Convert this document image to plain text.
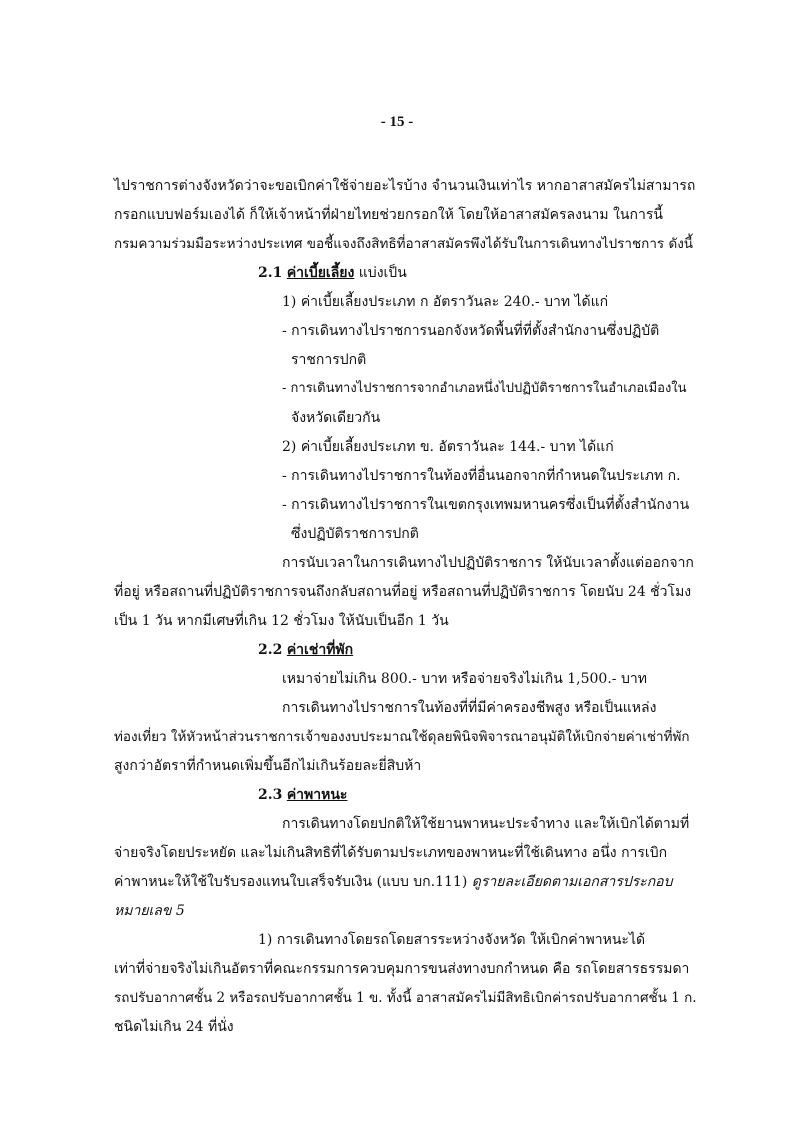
- 15 -
ไปราชการต่างจังหวัดว่าจะขอเบิกค่าใช้จ่ายอะไรบ้าง จำนวนเงินเท่าไร หากอาสาสมัครไม่สามารถ
กรอกแบบฟอร์มเองได้ ก็ให้เจ้าหน้าที่ฝ่ายไทยช่วยกรอกให้ โดยให้อาสาสมัครลงนาม ในการนี้
กรมความร่วมมือระหว่างประเทศ ขอชี้แจงถึงสิทธิที่อาสาสมัครพึงได้รับในการเดินทางไปราชการ ดังนี้
2.1 ค่าเบี้ยเลี้ยง แบ่งเป็น
1) ค่าเบี้ยเลี้ยงประเภท ก อัตราวันละ 240.- บาท ได้แก่
- การเดินทางไปราชการนอกจังหวัดพื้นที่ที่ตั้งสำนักงานซึ่งปฏิบัติ
ราชการปกติ
- การเดินทางไปราชการจากอำเภอหนึ่งไปปฏิบัติราชการในอำเภอเมืองใน
จังหวัดเดียวกัน
2) ค่าเบี้ยเลี้ยงประเภท ข. อัตราวันละ 144.- บาท ได้แก่
- การเดินทางไปราชการในท้องที่อื่นนอกจากที่กำหนดในประเภท ก.
- การเดินทางไปราชการในเขตกรุงเทพมหานครซึ่งเป็นที่ตั้งสำนักงาน
ซึ่งปฏิบัติราชการปกติ
การนับเวลาในการเดินทางไปปฏิบัติราชการ ให้นับเวลาตั้งแต่ออกจาก
ที่อยู่ หรือสถานที่ปฏิบัติราชการจนถึงกลับสถานที่อยู่ หรือสถานที่ปฏิบัติราชการ โดยนับ 24 ชั่วโมง
เป็น 1 วัน หากมีเศษที่เกิน 12 ชั่วโมง ให้นับเป็นอีก 1 วัน
2.2 ค่าเช่าที่พัก
เหมาจ่ายไม่เกิน 800.- บาท หรือจ่ายจริงไม่เกิน 1,500.- บาท
การเดินทางไปราชการในท้องที่ที่มีค่าครองชีพสูง หรือเป็นแหล่ง
ท่องเที่ยว ให้หัวหน้าส่วนราชการเจ้าของงบประมาณใช้ดุลยพินิจพิจารณาอนุมัติให้เบิกจ่ายค่าเช่าที่พัก
สูงกว่าอัตราที่กำหนดเพิ่มขึ้นอีกไม่เกินร้อยละยี่สิบห้า
2.3 ค่าพาหนะ
การเดินทางโดยปกติให้ใช้ยานพาหนะประจำทาง และให้เบิกได้ตามที่
จ่ายจริงโดยประหยัด และไม่เกินสิทธิที่ได้รับตามประเภทของพาหนะที่ใช้เดินทาง อนึ่ง การเบิก
ค่าพาหนะให้ใช้ใบรับรองแทนใบเสร็จรับเงิน (แบบ บก.111) ดูรายละเอียดตามเอกสารประกอบ
หมายเลข 5
1) การเดินทางโดยรถโดยสารระหว่างจังหวัด ให้เบิกค่าพาหนะได้
เท่าที่จ่ายจริงไม่เกินอัตราที่คณะกรรมการควบคุมการขนส่งทางบกกำหนด คือ รถโดยสารธรรมดา
รถปรับอากาศชั้น 2 หรือรถปรับอากาศชั้น 1 ข. ทั้งนี้ อาสาสมัครไม่มีสิทธิเบิกค่ารถปรับอากาศชั้น 1 ก.
ชนิดไม่เกิน 24 ที่นั่ง
